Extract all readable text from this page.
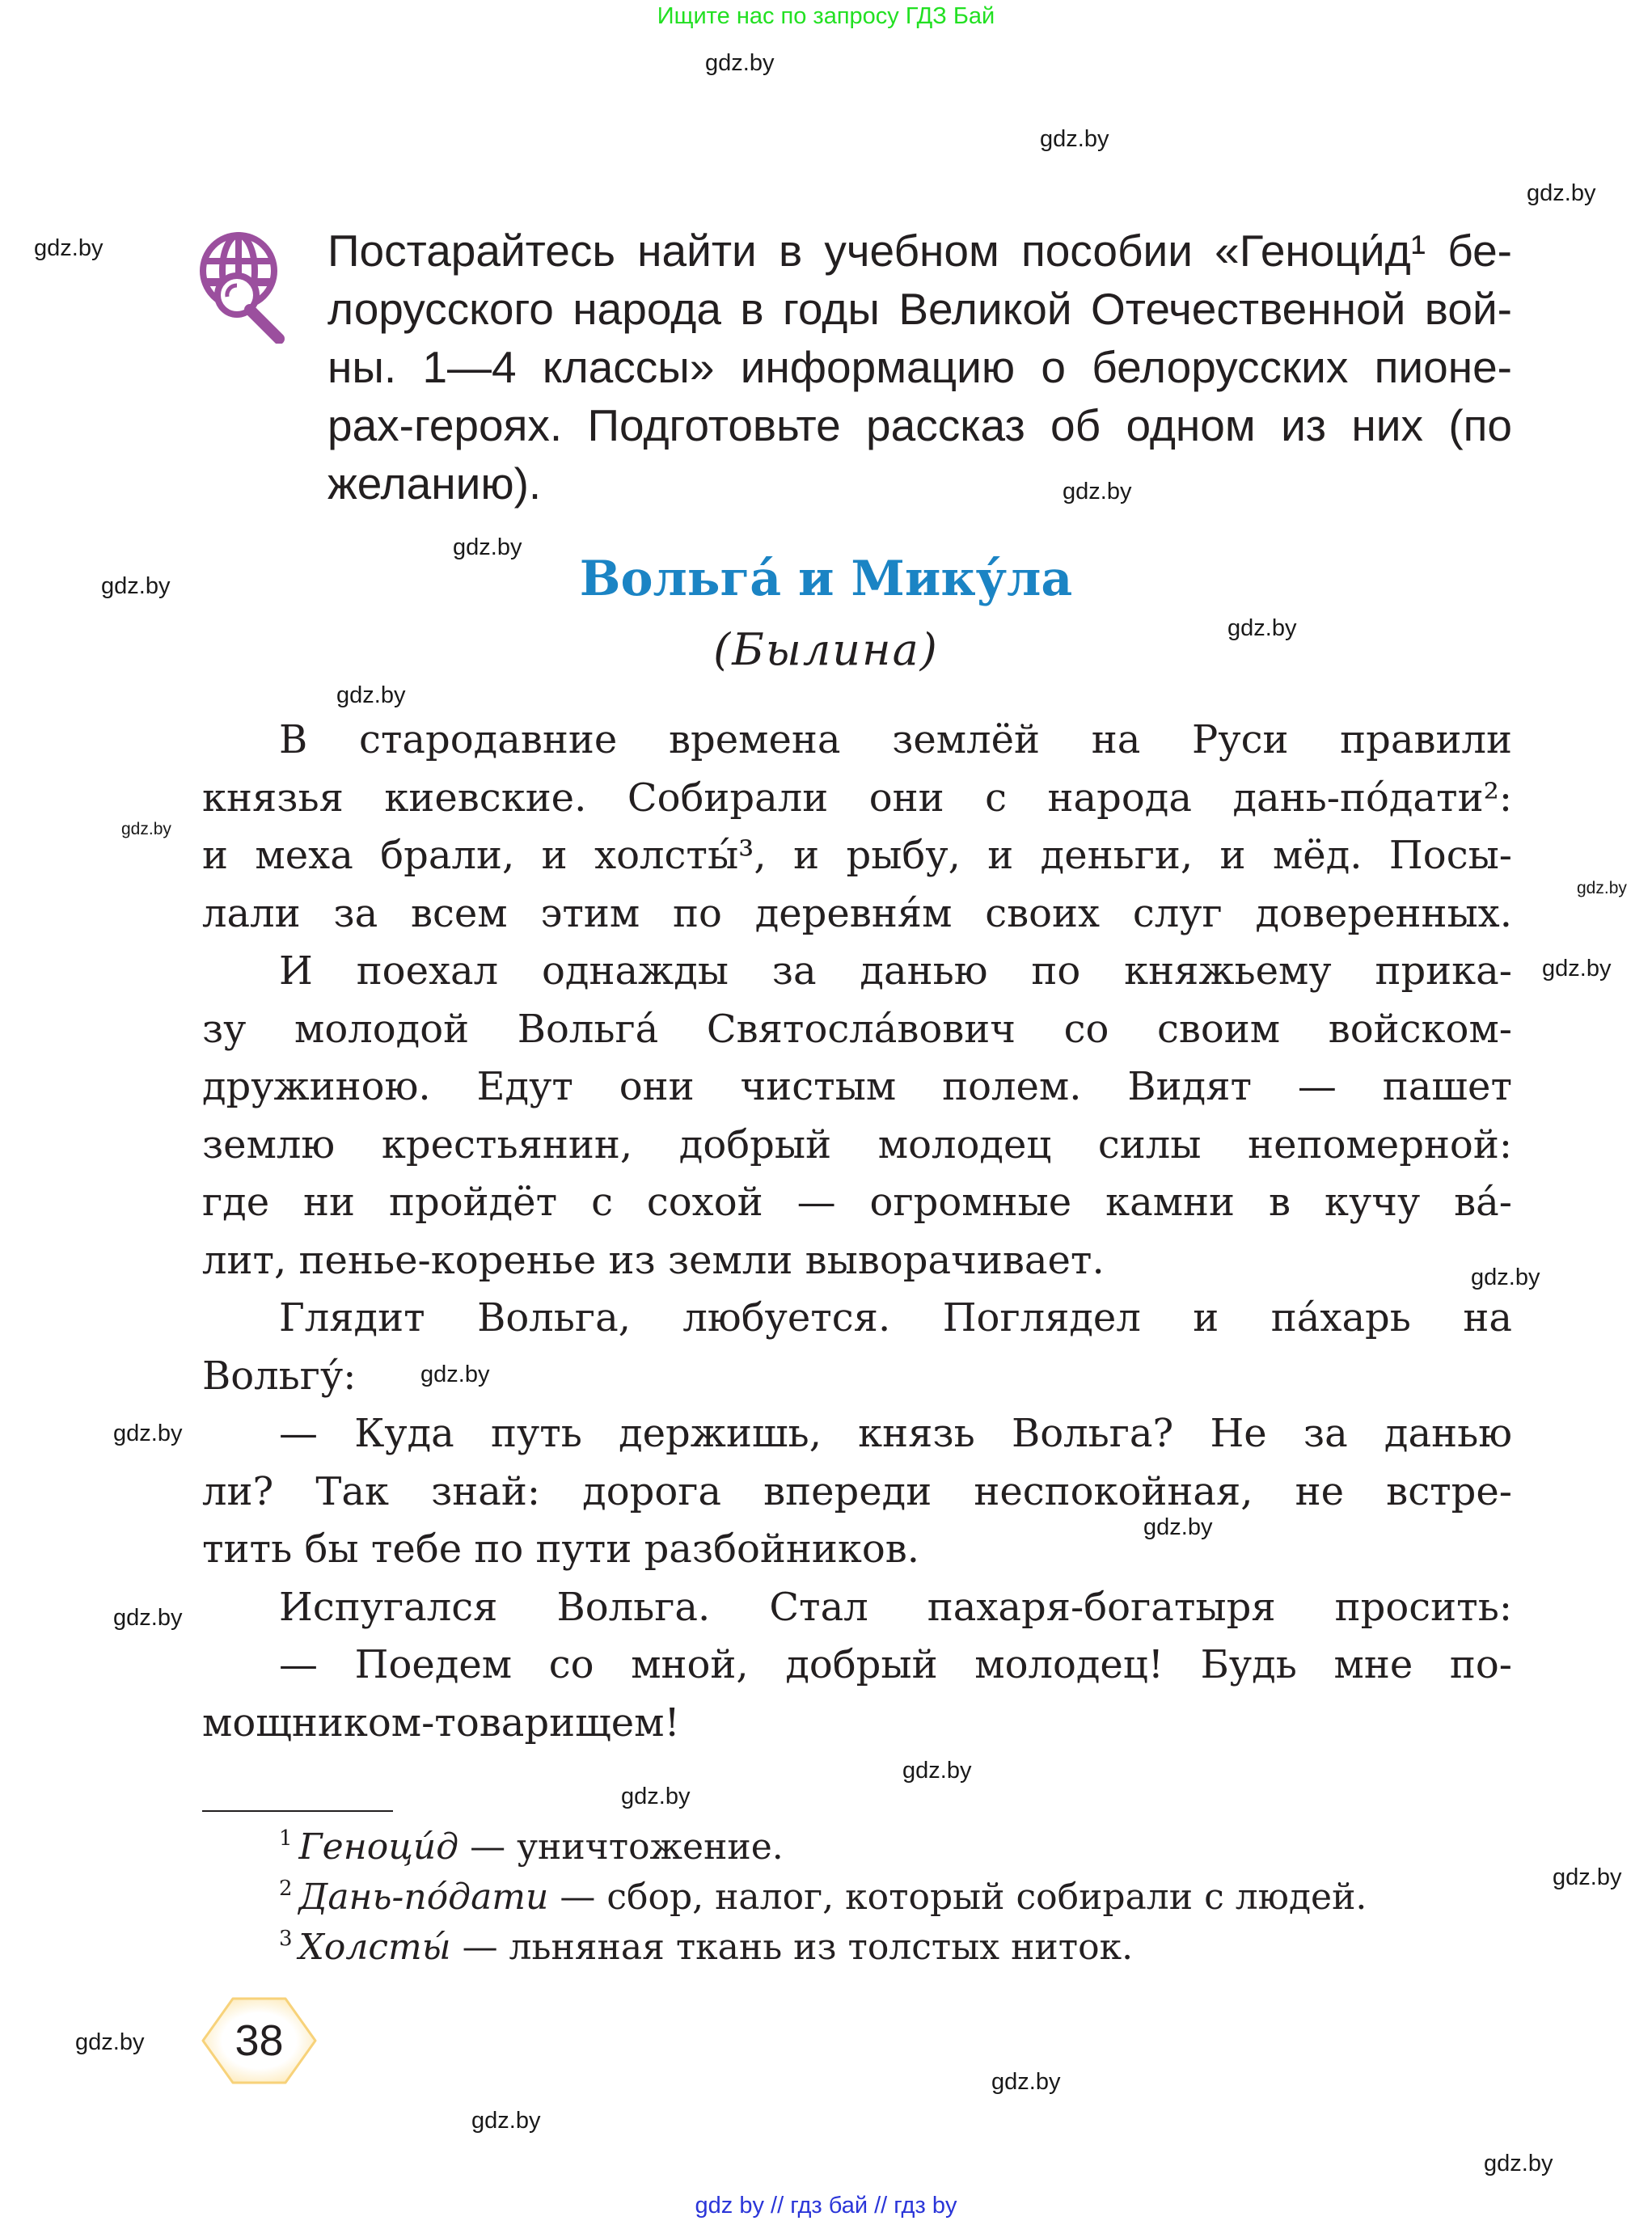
Ищите нас по запросу ГДЗ Бай
gdz.by
gdz.by
gdz.by
gdz.by
gdz.by
gdz.by
gdz.by
gdz.by
gdz.by
gdz.by
gdz.by
gdz.by
gdz.by
gdz.by
gdz.by
gdz.by
gdz.by
gdz.by
gdz.by
gdz.by
gdz.by
gdz.by
gdz.by
gdz.by
Постарайтесь найти в учебном пособии «Геноци́д¹ бе-
лорусского народа в годы Великой Отечественной вой-
ны. 1—4 классы» информацию о белорусских пионе-
рах-героях. Подготовьте рассказ об одном из них (по
желанию).
Вольга́ и Мику́ла
(Былина)
В стародавние времена землёй на Руси правили
князья киевские. Собирали они с народа дань-по́дати²:
и меха брали, и холсты́³, и рыбу, и деньги, и мёд. Посы-
лали за всем этим по деревня́м своих слуг доверенных.
И поехал однажды за данью по княжьему прика-
зу молодой Вольга́ Святосла́вович со своим войском-
дружиною. Едут они чистым полем. Видят — пашет
землю крестьянин, добрый молодец силы непомерной:
где ни пройдёт с сохой — огромные камни в кучу ва́-
лит, пенье-коренье из земли выворачивает.
Глядит Вольга, любуется. Поглядел и па́харь на
Вольгу́:
— Куда путь держишь, князь Вольга? Не за данью
ли? Так знай: дорога впереди неспокойная, не встре-
тить бы тебе по пути разбойников.
Испугался Вольга. Стал пахаря-богатыря просить:
— Поедем со мной, добрый молодец! Будь мне по-
мощником-товарищем!
$^1$ Геноци́д — уничтожение.
$^2$ Дань-по́дати — сбор, налог, который собирали с людей.
$^3$ Холсты́ — льняная ткань из толстых ниток.
38
gdz by // гдз бай // гдз by
